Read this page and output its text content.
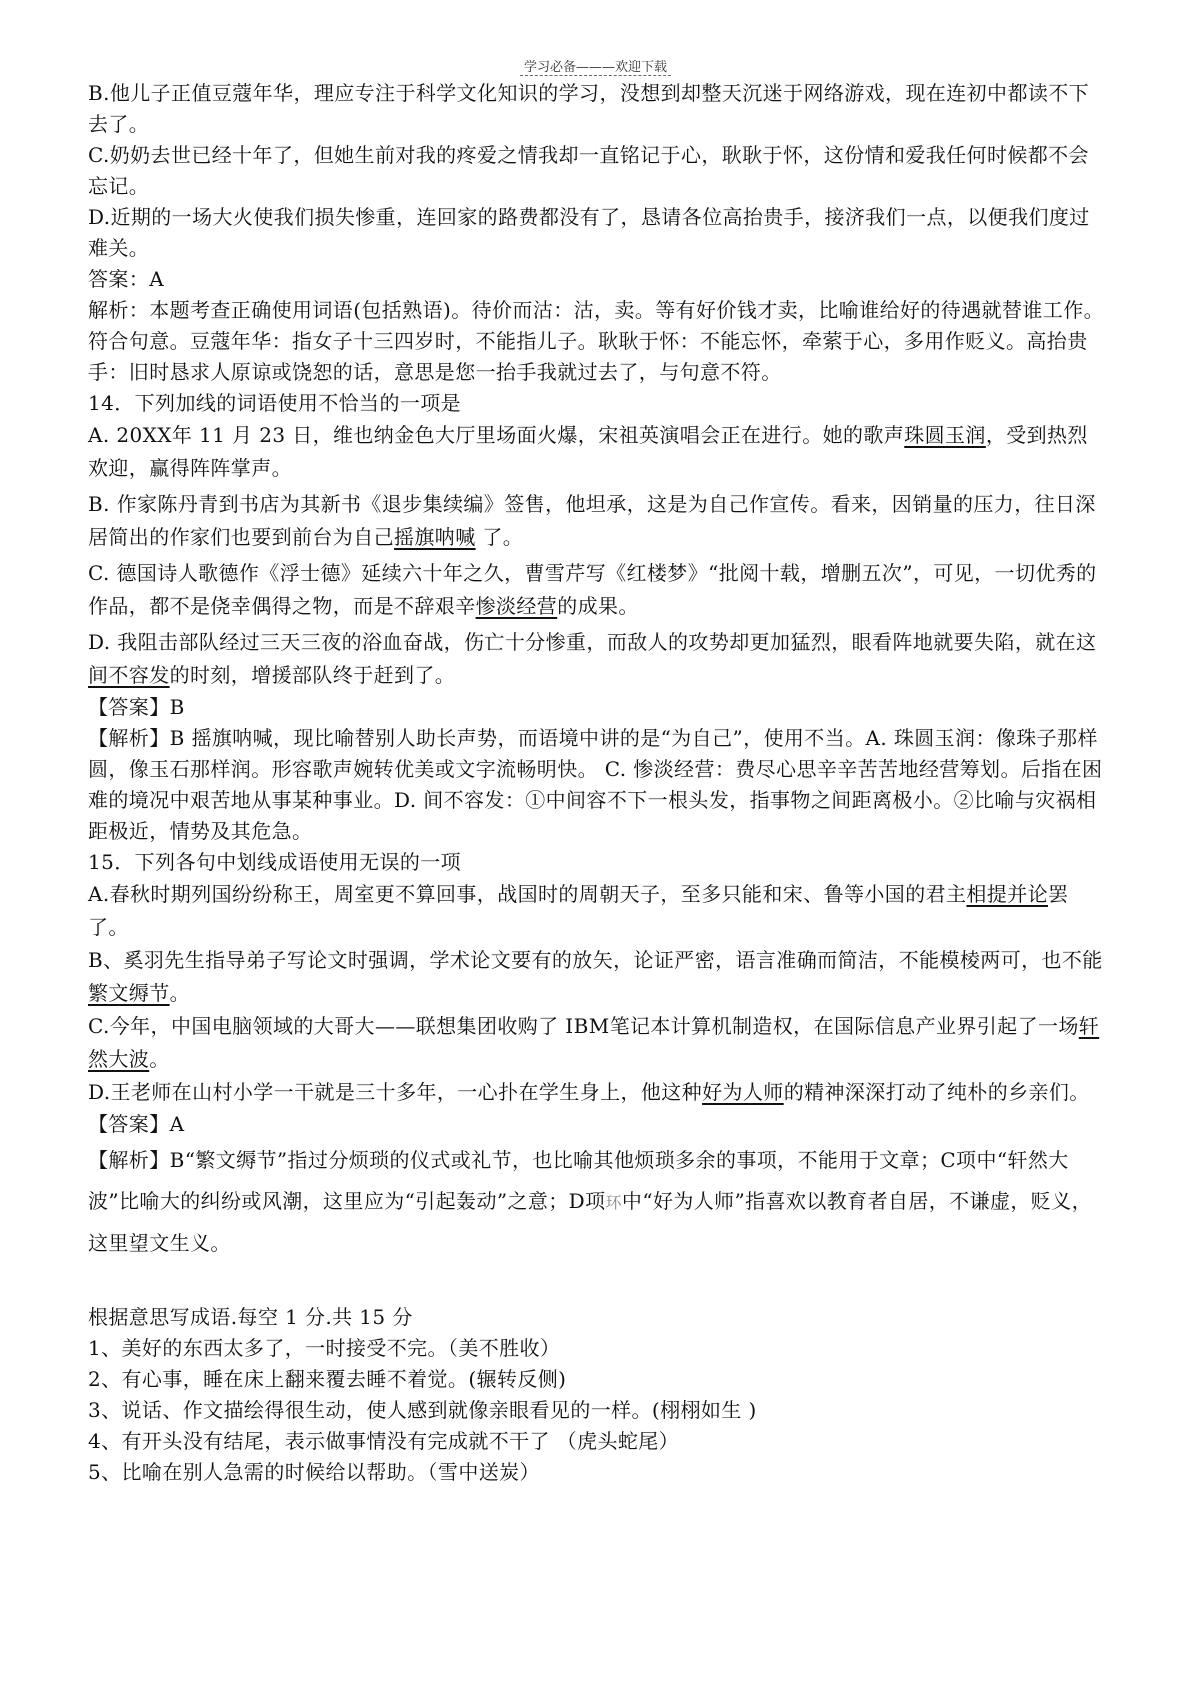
学习必备———欢迎下载

B.他儿子正值豆蔻年华，理应专注于科学文化知识的学习，没想到却整天沉迷于网络游戏，现在连初中都读不下去了。

C.奶奶去世已经十年了，但她生前对我的疼爱之情我却一直铭记于心，耿耿于怀，这份情和爱我任何时候都不会忘记。

D.近期的一场大火使我们损失惨重，连回家的路费都没有了，恳请各位高抬贵手，接济我们一点，以便我们度过难关。

答案：A

解析：本题考查正确使用词语(包括熟语)。待价而沽：沽，卖。等有好价钱才卖，比喻谁给好的待遇就替谁工作。符合句意。豆蔻年华：指女子十三四岁时，不能指儿子。耿耿于怀：不能忘怀，牵萦于心，多用作贬义。高抬贵手：旧时恳求人原谅或饶恕的话，意思是您一抬手我就过去了，与句意不符。

14．下列加线的词语使用不恰当的一项是

A. 20XX年 11 月 23 日，维也纳金色大厅里场面火爆，宋祖英演唱会正在进行。她的歌声珠圆玉润，受到热烈欢迎，赢得阵阵掌声。

B. 作家陈丹青到书店为其新书《退步集续编》签售，他坦承，这是为自己作宣传。看来，因销量的压力，往日深居简出的作家们也要到前台为自己摇旗呐喊 了。

C. 德国诗人歌德作《浮士德》延续六十年之久，曹雪芹写《红楼梦》“批阅十载，增删五次”，可见，一切优秀的作品，都不是侥幸偶得之物，而是不辞艰辛惨淡经营的成果。

D. 我阻击部队经过三天三夜的浴血奋战，伤亡十分惨重，而敌人的攻势却更加猛烈，眼看阵地就要失陷，就在这间不容发的时刻，增援部队终于赶到了。

【答案】B

【解析】B 摇旗呐喊，现比喻替别人助长声势，而语境中讲的是“为自己”，使用不当。A. 珠圆玉润：像珠子那样圆，像玉石那样润。形容歌声婉转优美或文字流畅明快。 C. 惨淡经营：费尽心思辛辛苦苦地经营筹划。后指在困难的境况中艰苦地从事某种事业。D. 间不容发：①中间容不下一根头发，指事物之间距离极小。②比喻与灾祸相距极近，情势及其危急。

15．下列各句中划线成语使用无误的一项

A.春秋时期列国纷纷称王，周室更不算回事，战国时的周朝天子，至多只能和宋、鲁等小国的君主相提并论罢了。

B、奚羽先生指导弟子写论文时强调，学术论文要有的放矢，论证严密，语言准确而简洁，不能模棱两可，也不能繁文缛节。

C.今年，中国电脑领域的大哥大——联想集团收购了 IBM笔记本计算机制造权，在国际信息产业界引起了一场轩然大波。

D.王老师在山村小学一干就是三十多年，一心扑在学生身上，他这种好为人师的精神深深打动了纯朴的乡亲们。

【答案】A

【解析】B“繁文缛节”指过分烦琐的仪式或礼节，也比喻其他烦琐多余的事项，不能用于文章；C项中“轩然大波”比喻大的纠纷或风潮，这里应为“引起轰动”之意；D项环中“好为人师”指喜欢以教育者自居，不谦虚，贬义，这里望文生义。

根据意思写成语.每空 1 分.共 15 分

1、美好的东西太多了，一时接受不完。（美不胜收）

2、有心事，睡在床上翻来覆去睡不着觉。(辗转反侧)

3、说话、作文描绘得很生动，使人感到就像亲眼看见的一样。(栩栩如生 )

4、有开头没有结尾，表示做事情没有完成就不干了 （虎头蛇尾）

5、比喻在别人急需的时候给以帮助。（雪中送炭）
